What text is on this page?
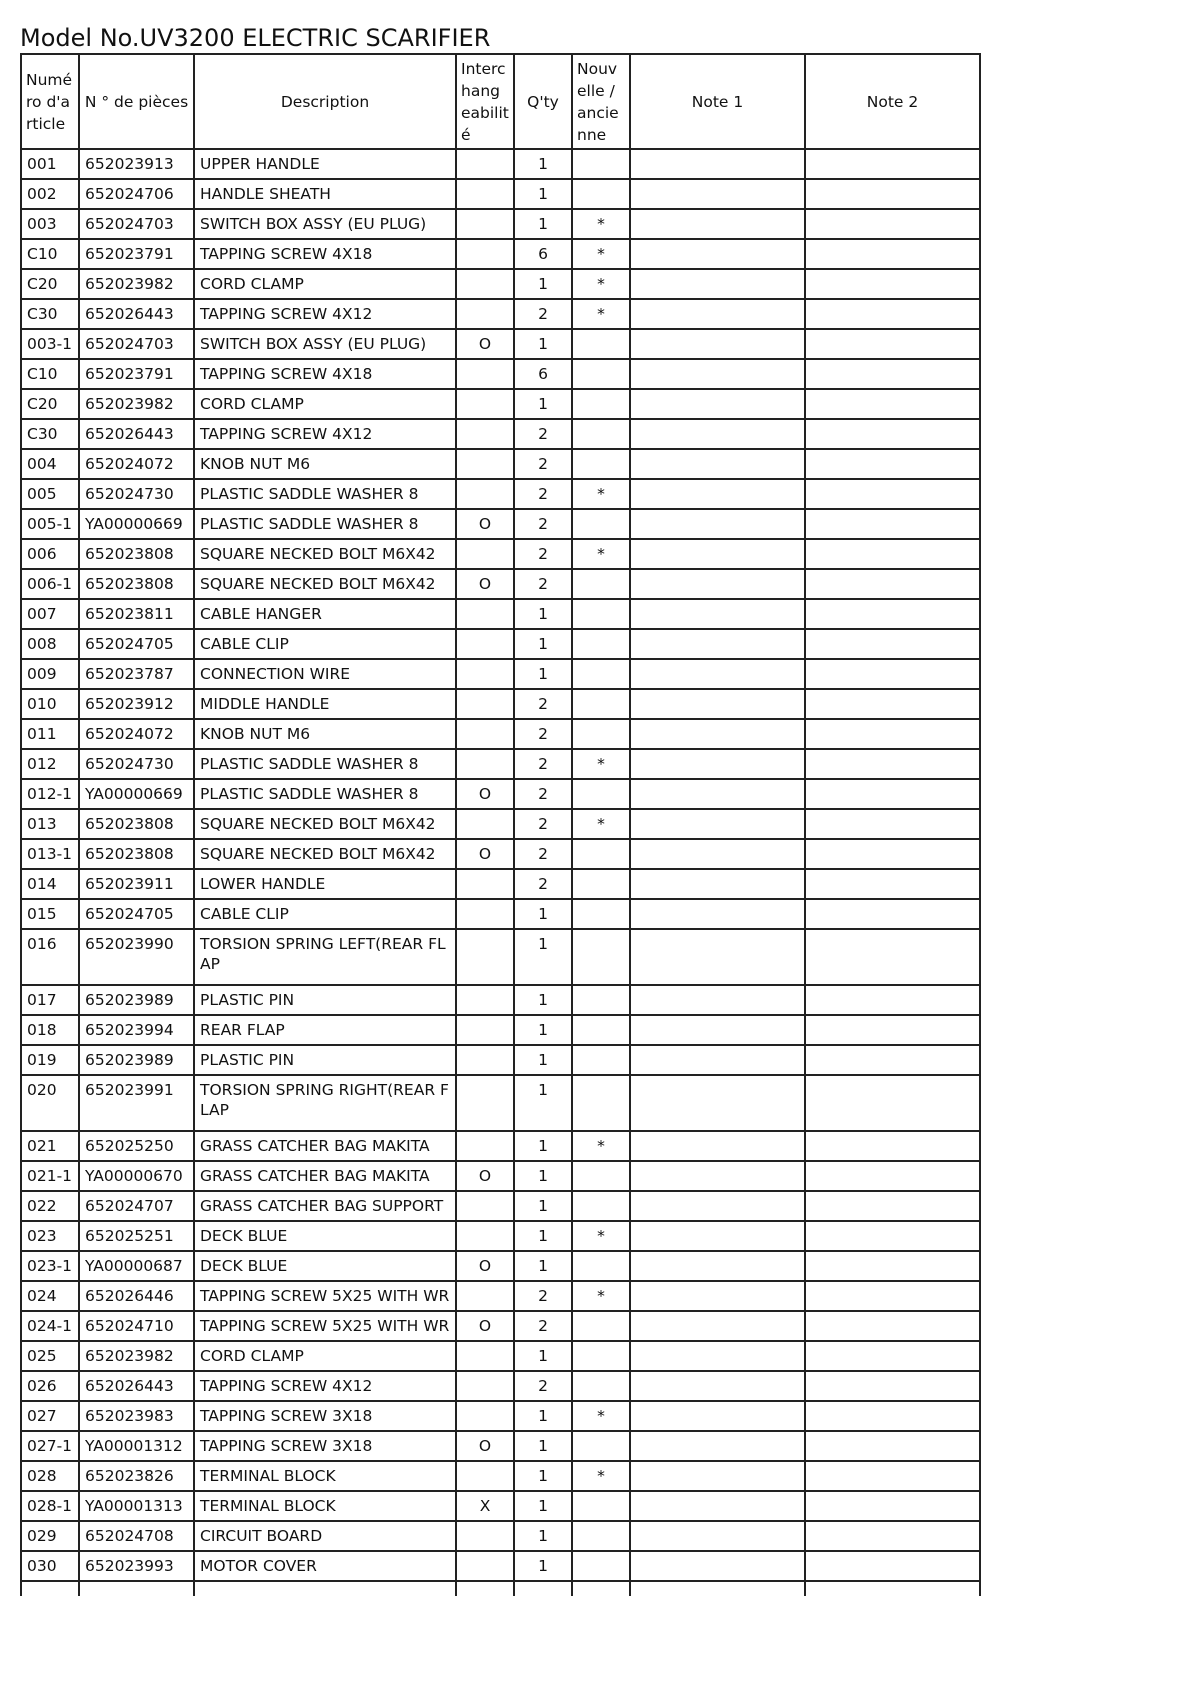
Model No.UV3200 ELECTRIC SCARIFIER
Numé ro d'a rticle	N ° de pièces	Description	Interc hang eabilit é	Q'ty	Nouv elle / ancie nne	Note 1	Note 2
001	652023913	UPPER HANDLE		1			
002	652024706	HANDLE SHEATH		1			
003	652024703	SWITCH BOX ASSY (EU PLUG)		1	*		
C10	652023791	TAPPING SCREW 4X18		6	*		
C20	652023982	CORD CLAMP		1	*		
C30	652026443	TAPPING SCREW 4X12		2	*		
003-1	652024703	SWITCH BOX ASSY (EU PLUG)	O	1			
C10	652023791	TAPPING SCREW 4X18		6			
C20	652023982	CORD CLAMP		1			
C30	652026443	TAPPING SCREW 4X12		2			
004	652024072	KNOB NUT M6		2			
005	652024730	PLASTIC SADDLE WASHER 8		2	*		
005-1	YA00000669	PLASTIC SADDLE WASHER 8	O	2			
006	652023808	SQUARE NECKED BOLT M6X42		2	*		
006-1	652023808	SQUARE NECKED BOLT M6X42	O	2			
007	652023811	CABLE HANGER		1			
008	652024705	CABLE CLIP		1			
009	652023787	CONNECTION WIRE		1			
010	652023912	MIDDLE HANDLE		2			
011	652024072	KNOB NUT M6		2			
012	652024730	PLASTIC SADDLE WASHER 8		2	*		
012-1	YA00000669	PLASTIC SADDLE WASHER 8	O	2			
013	652023808	SQUARE NECKED BOLT M6X42		2	*		
013-1	652023808	SQUARE NECKED BOLT M6X42	O	2			
014	652023911	LOWER HANDLE		2			
015	652024705	CABLE CLIP		1			
016	652023990	TORSION SPRING LEFT(REAR FLAP		1			
017	652023989	PLASTIC PIN		1			
018	652023994	REAR FLAP		1			
019	652023989	PLASTIC PIN		1			
020	652023991	TORSION SPRING RIGHT(REAR FLAP		1			
021	652025250	GRASS CATCHER BAG MAKITA		1	*		
021-1	YA00000670	GRASS CATCHER BAG MAKITA	O	1			
022	652024707	GRASS CATCHER BAG SUPPORT		1			
023	652025251	DECK BLUE		1	*		
023-1	YA00000687	DECK BLUE	O	1			
024	652026446	TAPPING SCREW 5X25 WITH WR		2	*		
024-1	652024710	TAPPING SCREW 5X25 WITH WR	O	2			
025	652023982	CORD CLAMP		1			
026	652026443	TAPPING SCREW 4X12		2			
027	652023983	TAPPING SCREW 3X18		1	*		
027-1	YA00001312	TAPPING SCREW 3X18	O	1			
028	652023826	TERMINAL BLOCK		1	*		
028-1	YA00001313	TERMINAL BLOCK	X	1			
029	652024708	CIRCUIT BOARD		1			
030	652023993	MOTOR COVER		1			
